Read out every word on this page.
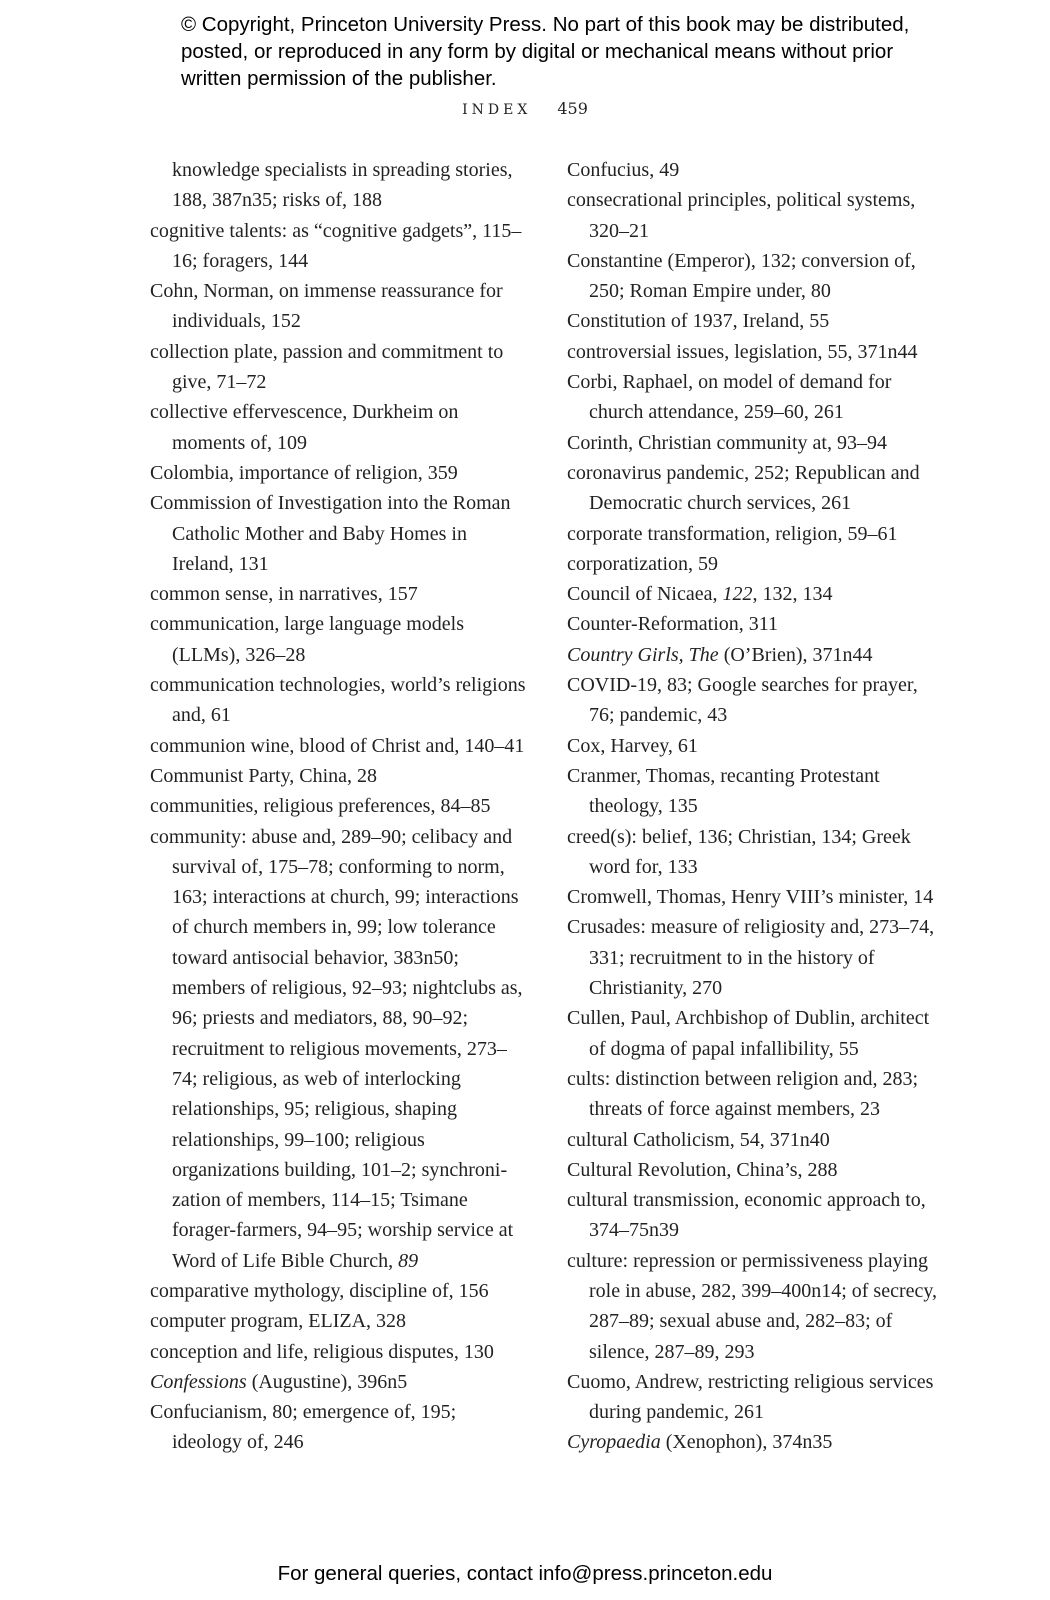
© Copyright, Princeton University Press. No part of this book may be distributed, posted, or reproduced in any form by digital or mechanical means without prior written permission of the publisher.

INDEX 459

knowledge specialists in spreading stories, 188, 387n35; risks of, 188

cognitive talents: as “cognitive gadgets”, 115–16; foragers, 144

Cohn, Norman, on immense reassurance for individuals, 152

collection plate, passion and commitment to give, 71–72

collective effervescence, Durkheim on moments of, 109

Colombia, importance of religion, 359

Commission of Investigation into the Roman Catholic Mother and Baby Homes in Ireland, 131

common sense, in narratives, 157

communication, large language models (LLMs), 326–28

communication technologies, world’s religions and, 61

communion wine, blood of Christ and, 140–41

Communist Party, China, 28

communities, religious preferences, 84–85

community: abuse and, 289–90; celibacy and survival of, 175–78; conforming to norm, 163; interactions at church, 99; interactions of church members in, 99; low tolerance toward antisocial behavior, 383n50; members of religious, 92–93; nightclubs as, 96; priests and mediators, 88, 90–92; recruitment to religious movements, 273–74; religious, as web of interlocking relationships, 95; religious, shaping relationships, 99–100; religious organizations building, 101–2; synchronization of members, 114–15; Tsimane forager-farmers, 94–95; worship service at Word of Life Bible Church, 89

comparative mythology, discipline of, 156

computer program, ELIZA, 328

conception and life, religious disputes, 130

Confessions (Augustine), 396n5

Confucianism, 80; emergence of, 195; ideology of, 246

Confucius, 49

consecrational principles, political systems, 320–21

Constantine (Emperor), 132; conversion of, 250; Roman Empire under, 80

Constitution of 1937, Ireland, 55

controversial issues, legislation, 55, 371n44

Corbi, Raphael, on model of demand for church attendance, 259–60, 261

Corinth, Christian community at, 93–94

coronavirus pandemic, 252; Republican and Democratic church services, 261

corporate transformation, religion, 59–61

corporatization, 59

Council of Nicaea, 122, 132, 134

Counter-Reformation, 311

Country Girls, The (O’Brien), 371n44

COVID-19, 83; Google searches for prayer, 76; pandemic, 43

Cox, Harvey, 61

Cranmer, Thomas, recanting Protestant theology, 135

creed(s): belief, 136; Christian, 134; Greek word for, 133

Cromwell, Thomas, Henry VIII’s minister, 14

Crusades: measure of religiosity and, 273–74, 331; recruitment to in the history of Christianity, 270

Cullen, Paul, Archbishop of Dublin, architect of dogma of papal infallibility, 55

cults: distinction between religion and, 283; threats of force against members, 23

cultural Catholicism, 54, 371n40

Cultural Revolution, China’s, 288

cultural transmission, economic approach to, 374–75n39

culture: repression or permissiveness playing role in abuse, 282, 399–400n14; of secrecy, 287–89; sexual abuse and, 282–83; of silence, 287–89, 293

Cuomo, Andrew, restricting religious services during pandemic, 261

Cyropaedia (Xenophon), 374n35

For general queries, contact info@press.princeton.edu
